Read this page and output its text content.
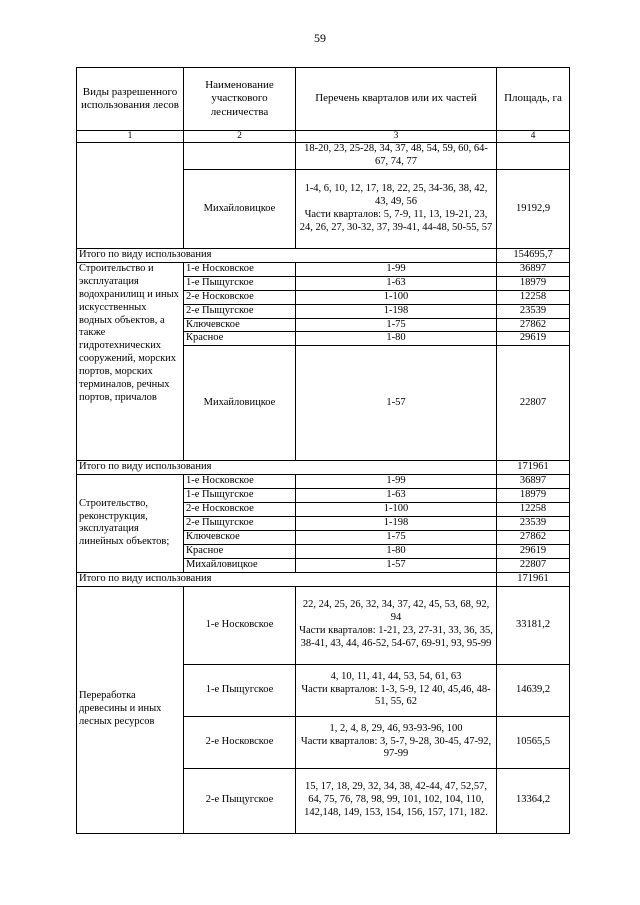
59
Виды разрешенного использования лесов	Наименование участкового лесничества	Перечень кварталов или их частей	Площадь, га
1	2	3	4
		18-20, 23, 25-28, 34, 37, 48, 54, 59, 60, 64-67, 74, 77	
	Михайловицкое	1-4, 6, 10, 12, 17, 18, 22, 25, 34-36, 38, 42, 43, 49, 56
Части кварталов: 5, 7-9, 11, 13, 19-21, 23, 24, 26, 27, 30-32, 37, 39-41, 44-48, 50-55, 57	19192,9
Итого по виду использования			154695,7
Строительство и эксплуатация водохранилищ и иных искусственных водных объектов, а также гидротехнических сооружений, морских портов, морских терминалов, речных портов, причалов	1-е Носковское	1-99	36897
	1-е Пыщугское	1-63	18979
	2-е Носковское	1-100	12258
	2-е Пыщугское	1-198	23539
	Ключевское	1-75	27862
	Красное	1-80	29619
	Михайловицкое	1-57	22807
Итого по виду использования			171961
Строительство, реконструкция, эксплуатация линейных объектов;	1-е Носковское	1-99	36897
	1-е Пыщугское	1-63	18979
	2-е Носковское	1-100	12258
	2-е Пыщугское	1-198	23539
	Ключевское	1-75	27862
	Красное	1-80	29619
	Михайловицкое	1-57	22807
Итого по виду использования			171961
Переработка древесины и иных лесных ресурсов	1-е Носковское	22, 24, 25, 26, 32, 34, 37, 42, 45, 53, 68, 92, 94
Части кварталов: 1-21, 23, 27-31, 33, 36, 35, 38-41, 43, 44, 46-52, 54-67, 69-91, 93, 95-99	33181,2
	1-е Пыщугское	4, 10, 11, 41, 44, 53, 54, 61, 63
Части кварталов: 1-3, 5-9, 12 40, 45,46, 48-51, 55, 62	14639,2
	2-е Носковское	1, 2, 4, 8, 29, 46, 93-93-96, 100
Части кварталов: 3, 5-7, 9-28, 30-45, 47-92, 97-99	10565,5
	2-е Пыщугское	15, 17, 18, 29, 32, 34, 38, 42-44, 47, 52,57, 64, 75, 76, 78, 98, 99, 101, 102, 104, 110, 142,148, 149, 153, 154, 156, 157, 171, 182.	13364,2
